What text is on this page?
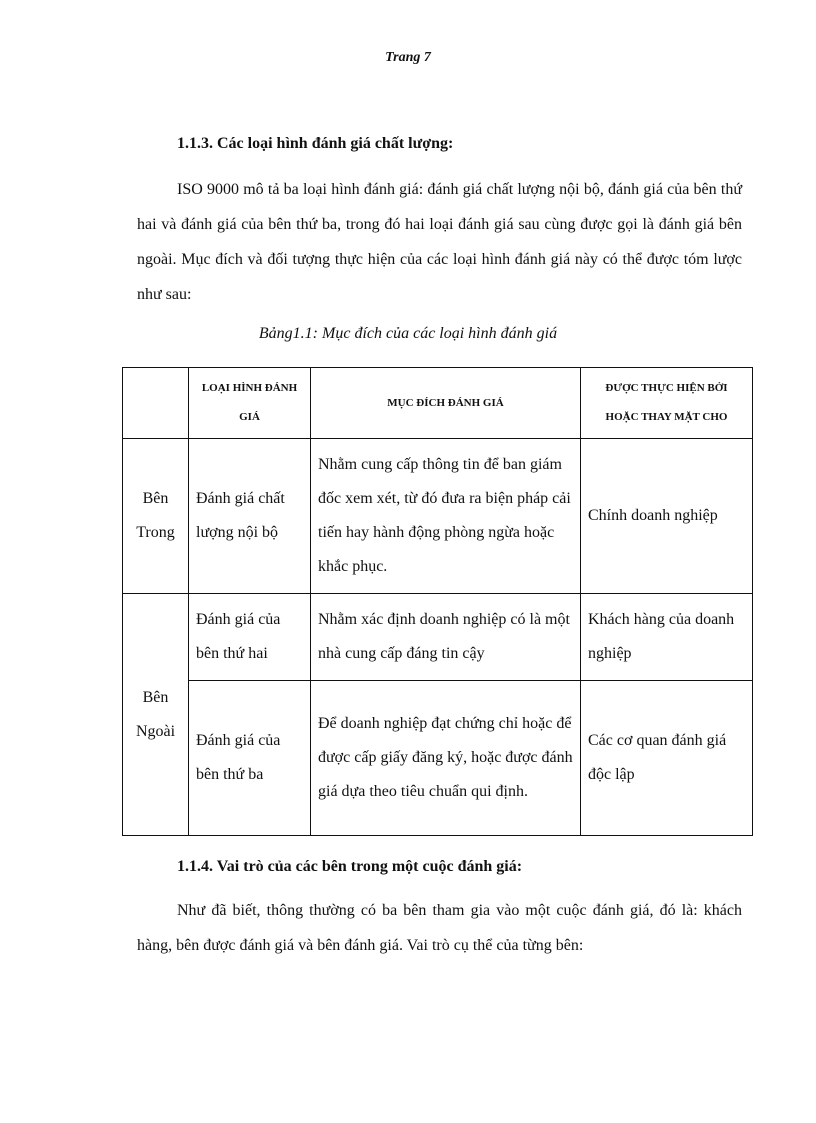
Trang 7
1.1.3. Các loại hình đánh giá chất lượng:

ISO 9000 mô tả ba loại hình đánh giá: đánh giá chất lượng nội bộ, đánh giá của bên thứ hai và đánh giá của bên thứ ba, trong đó hai loại đánh giá sau cùng được gọi là đánh giá bên ngoài. Mục đích và đối tượng thực hiện của các loại hình đánh giá này có thể được tóm lược như sau:

Bảng1.1: Mục đích của các loại hình đánh giá
	LOẠI HÌNH ĐÁNH GIÁ	MỤC ĐÍCH ĐÁNH GIÁ	ĐƯỢC THỰC HIỆN BỞI HOẶC THAY MẶT CHO
Bên Trong	Đánh giá chất lượng nội bộ	Nhằm cung cấp thông tin để ban giám đốc xem xét, từ đó đưa ra biện pháp cải tiến hay hành động phòng ngừa hoặc khắc phục.	Chính doanh nghiệp
Bên Ngoài	Đánh giá của bên thứ hai	Nhằm xác định doanh nghiệp có là một nhà cung cấp đáng tin cậy	Khách hàng của doanh nghiệp
	Đánh giá của bên thứ ba	Để doanh nghiệp đạt chứng chỉ hoặc để được cấp giấy đăng ký, hoặc được đánh giá dựa theo tiêu chuẩn qui định.	Các cơ quan đánh giá độc lập
1.1.4. Vai trò của các bên trong một cuộc đánh giá:

Như đã biết, thông thường có ba bên tham gia vào một cuộc đánh giá, đó là: khách hàng, bên được đánh giá và bên đánh giá. Vai trò cụ thể của từng bên:
